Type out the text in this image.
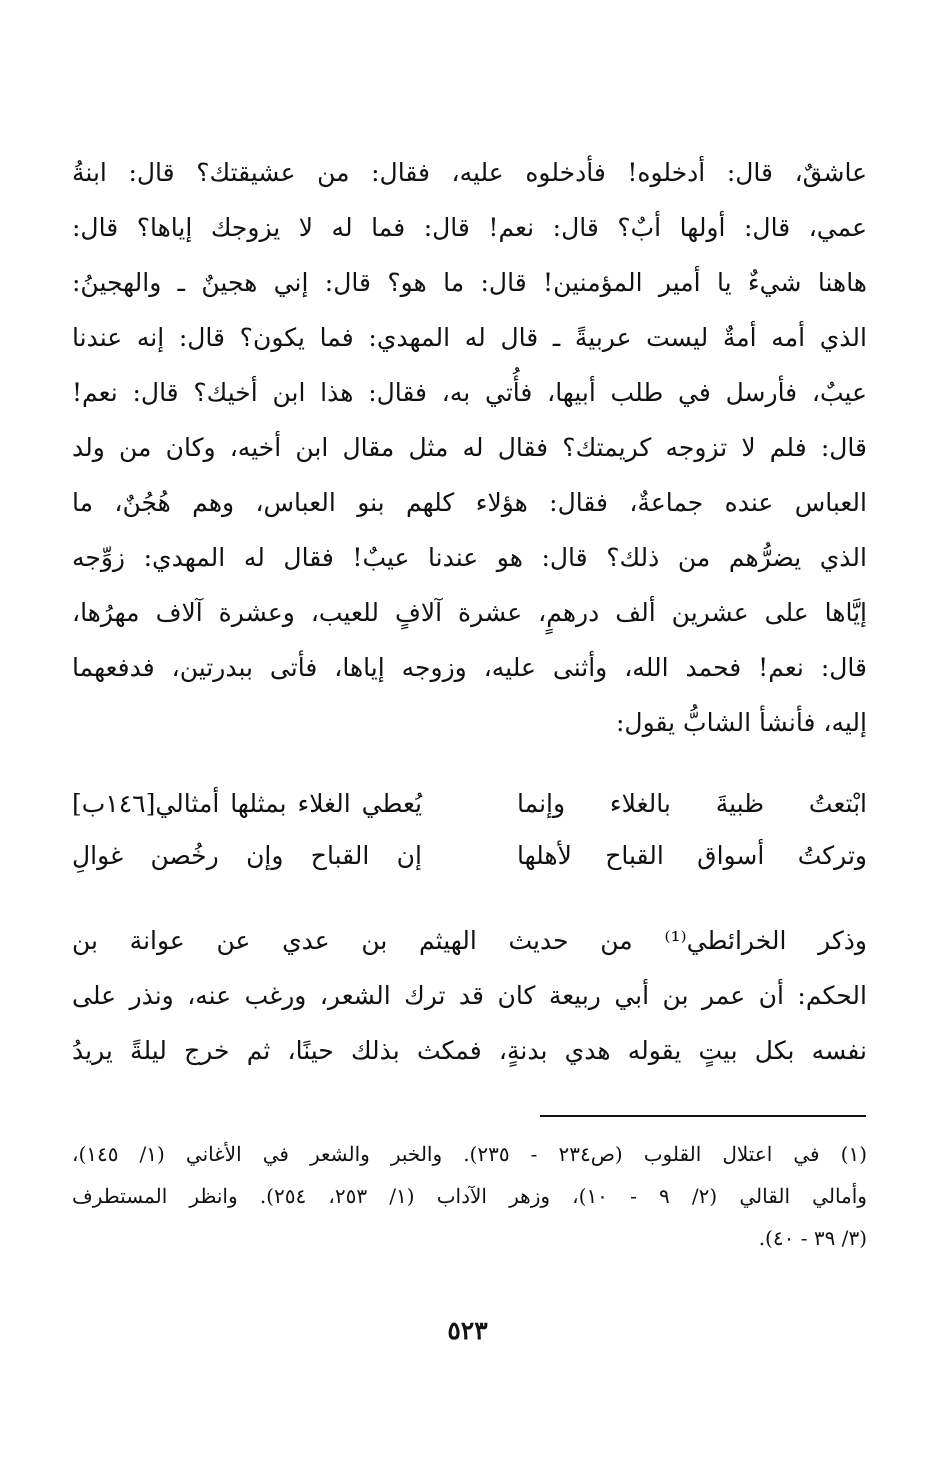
عاشقٌ، قال: أدخلوه! فأدخلوه عليه، فقال: من عشيقتك؟ قال: ابنةُ
عمي، قال: أولها أبٌ؟ قال: نعم! قال: فما له لا يزوجك إياها؟ قال:
هاهنا شيءٌ يا أمير المؤمنين! قال: ما هو؟ قال: إني هجينٌ ـ والهجينُ:
الذي أمه أمةٌ ليست عربيةً ـ قال له المهدي: فما يكون؟ قال: إنه عندنا
عيبٌ، فأرسل في طلب أبيها، فأُتي به، فقال: هذا ابن أخيك؟ قال: نعم!
قال: فلم لا تزوجه كريمتك؟ فقال له مثل مقال ابن أخيه، وكان من ولد
العباس عنده جماعةٌ، فقال: هؤلاء كلهم بنو العباس، وهم هُجُنٌ، ما
الذي يضرُّهم من ذلك؟ قال: هو عندنا عيبٌ! فقال له المهدي: زوِّجه
إيَّاها على عشرين ألف درهمٍ، عشرة آلافٍ للعيب، وعشرة آلاف مهرُها،
قال: نعم! فحمد الله، وأثنى عليه، وزوجه إياها، فأتى ببدرتين، فدفعهما
إليه، فأنشأ الشابُّ يقول:
ابْتعتُ ظبيةَ بالغلاء وإنما
يُعطي الغلاء بمثلها أمثالي[١٤٦ب]
وتركتُ أسواق القباح لأهلها
إن القباح وإن رخُصن غوالِ
وذكر الخرائطي⁽¹⁾ من حديث الهيثم بن عدي عن عوانة بن
الحكم: أن عمر بن أبي ربيعة كان قد ترك الشعر، ورغب عنه، ونذر على
نفسه بكل بيتٍ يقوله هدي بدنةٍ، فمكث بذلك حينًا، ثم خرج ليلةً يريدُ
(١) في اعتلال القلوب (ص٢٣٤ - ٢٣٥). والخبر والشعر في الأغاني (١/ ١٤٥)،
وأمالي القالي (٢/ ٩ - ١٠)، وزهر الآداب (١/ ٢٥٣، ٢٥٤). وانظر المستطرف
(٣/ ٣٩ - ٤٠).
٥٢٣
